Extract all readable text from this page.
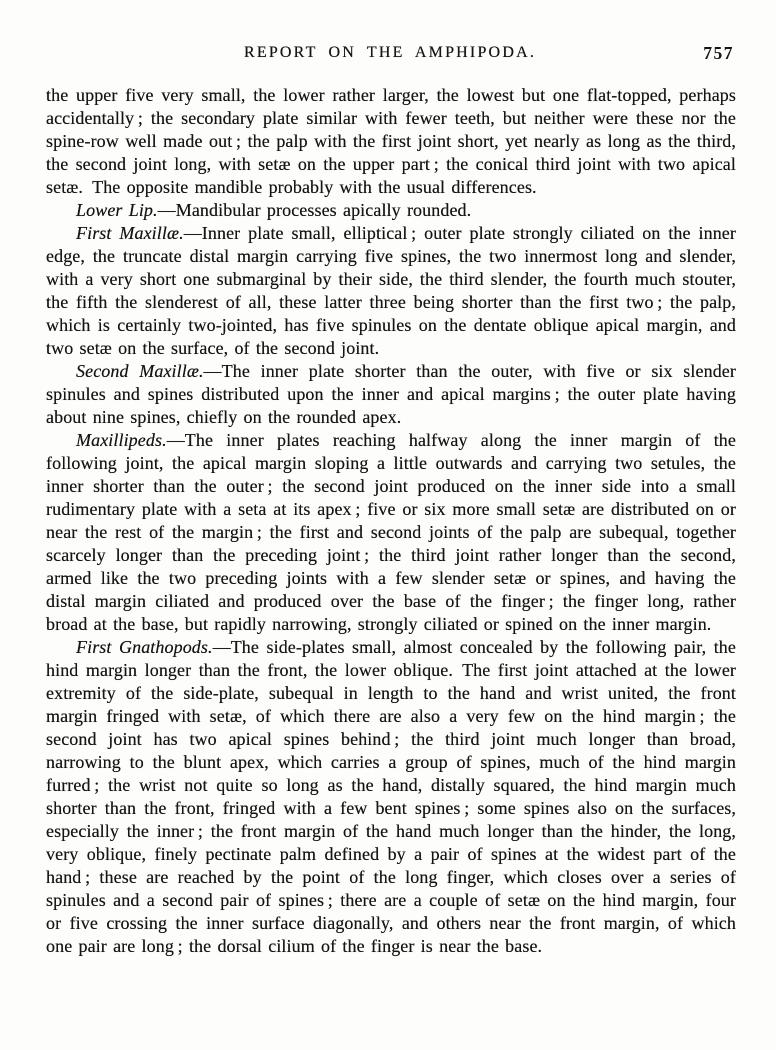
REPORT ON THE AMPHIPODA.	757

the upper five very small, the lower rather larger, the lowest but one flat-topped, perhaps accidentally ; the secondary plate similar with fewer teeth, but neither were these nor the spine-row well made out ; the palp with the first joint short, yet nearly as long as the third, the second joint long, with setæ on the upper part ; the conical third joint with two apical setæ. The opposite mandible probably with the usual differences.

Lower Lip.—Mandibular processes apically rounded.

First Maxillæ.—Inner plate small, elliptical ; outer plate strongly ciliated on the inner edge, the truncate distal margin carrying five spines, the two innermost long and slender, with a very short one submarginal by their side, the third slender, the fourth much stouter, the fifth the slenderest of all, these latter three being shorter than the first two ; the palp, which is certainly two-jointed, has five spinules on the dentate oblique apical margin, and two setæ on the surface, of the second joint.

Second Maxillæ.—The inner plate shorter than the outer, with five or six slender spinules and spines distributed upon the inner and apical margins ; the outer plate having about nine spines, chiefly on the rounded apex.

Maxillipeds.—The inner plates reaching halfway along the inner margin of the following joint, the apical margin sloping a little outwards and carrying two setules, the inner shorter than the outer ; the second joint produced on the inner side into a small rudimentary plate with a seta at its apex ; five or six more small setæ are distributed on or near the rest of the margin ; the first and second joints of the palp are subequal, together scarcely longer than the preceding joint ; the third joint rather longer than the second, armed like the two preceding joints with a few slender setæ or spines, and having the distal margin ciliated and produced over the base of the finger ; the finger long, rather broad at the base, but rapidly narrowing, strongly ciliated or spined on the inner margin.

First Gnathopods.—The side-plates small, almost concealed by the following pair, the hind margin longer than the front, the lower oblique. The first joint attached at the lower extremity of the side-plate, subequal in length to the hand and wrist united, the front margin fringed with setæ, of which there are also a very few on the hind margin ; the second joint has two apical spines behind ; the third joint much longer than broad, narrowing to the blunt apex, which carries a group of spines, much of the hind margin furred ; the wrist not quite so long as the hand, distally squared, the hind margin much shorter than the front, fringed with a few bent spines ; some spines also on the surfaces, especially the inner ; the front margin of the hand much longer than the hinder, the long, very oblique, finely pectinate palm defined by a pair of spines at the widest part of the hand ; these are reached by the point of the long finger, which closes over a series of spinules and a second pair of spines ; there are a couple of setæ on the hind margin, four or five crossing the inner surface diagonally, and others near the front margin, of which one pair are long ; the dorsal cilium of the finger is near the base.
